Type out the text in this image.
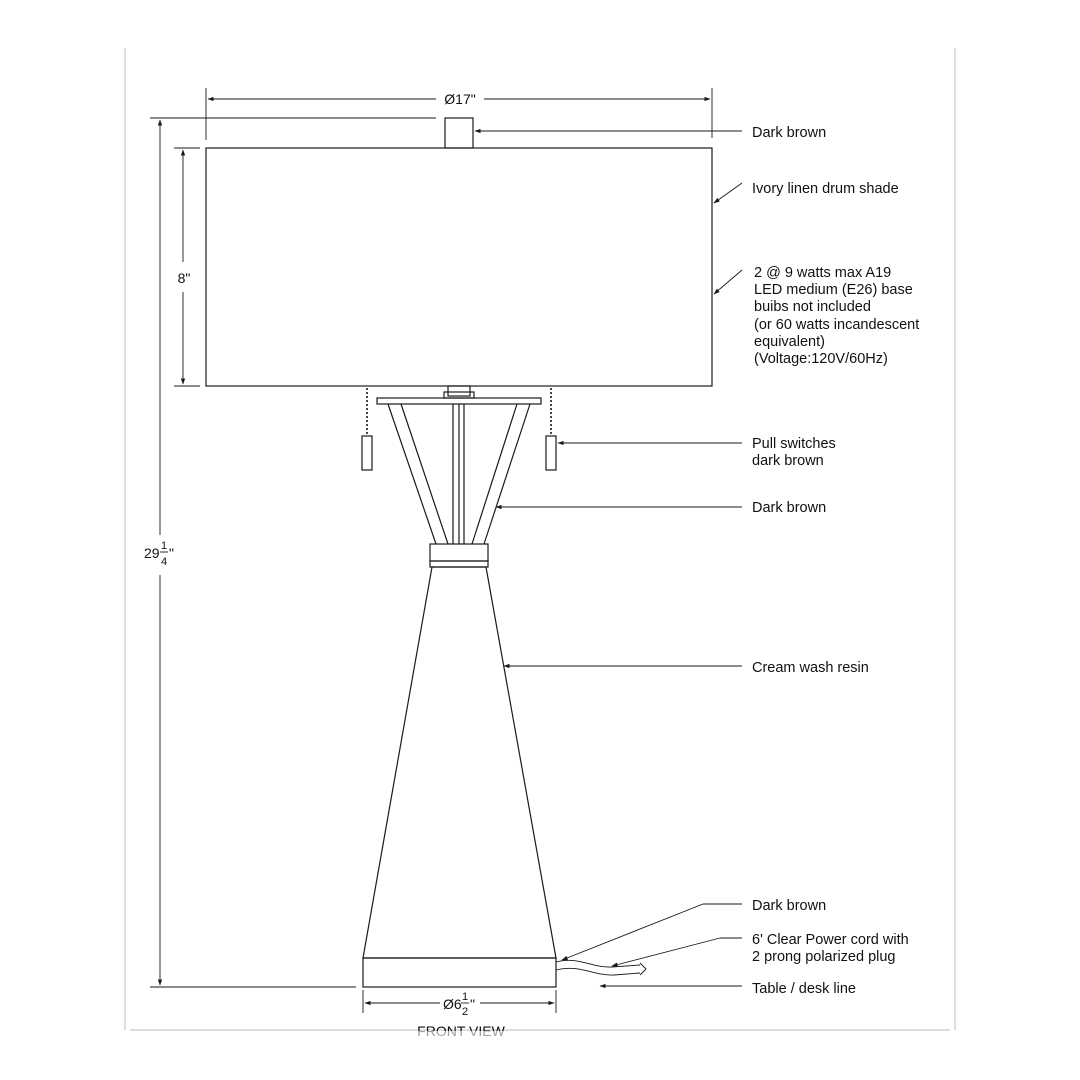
Ø17"
8"
29 1
4
"
Ø6 1
2 "
Dark brown
Ivory linen drum shade
2 @ 9 watts max A19
LED medium (E26) base
buibs not included
(or 60 watts incandescent
equivalent)
(Voltage:120V/60Hz)
Pull switches
dark brown
Dark brown
Cream wash resin
Dark brown
6' Clear Power cord with
2 prong polarized plug
Table / desk line
